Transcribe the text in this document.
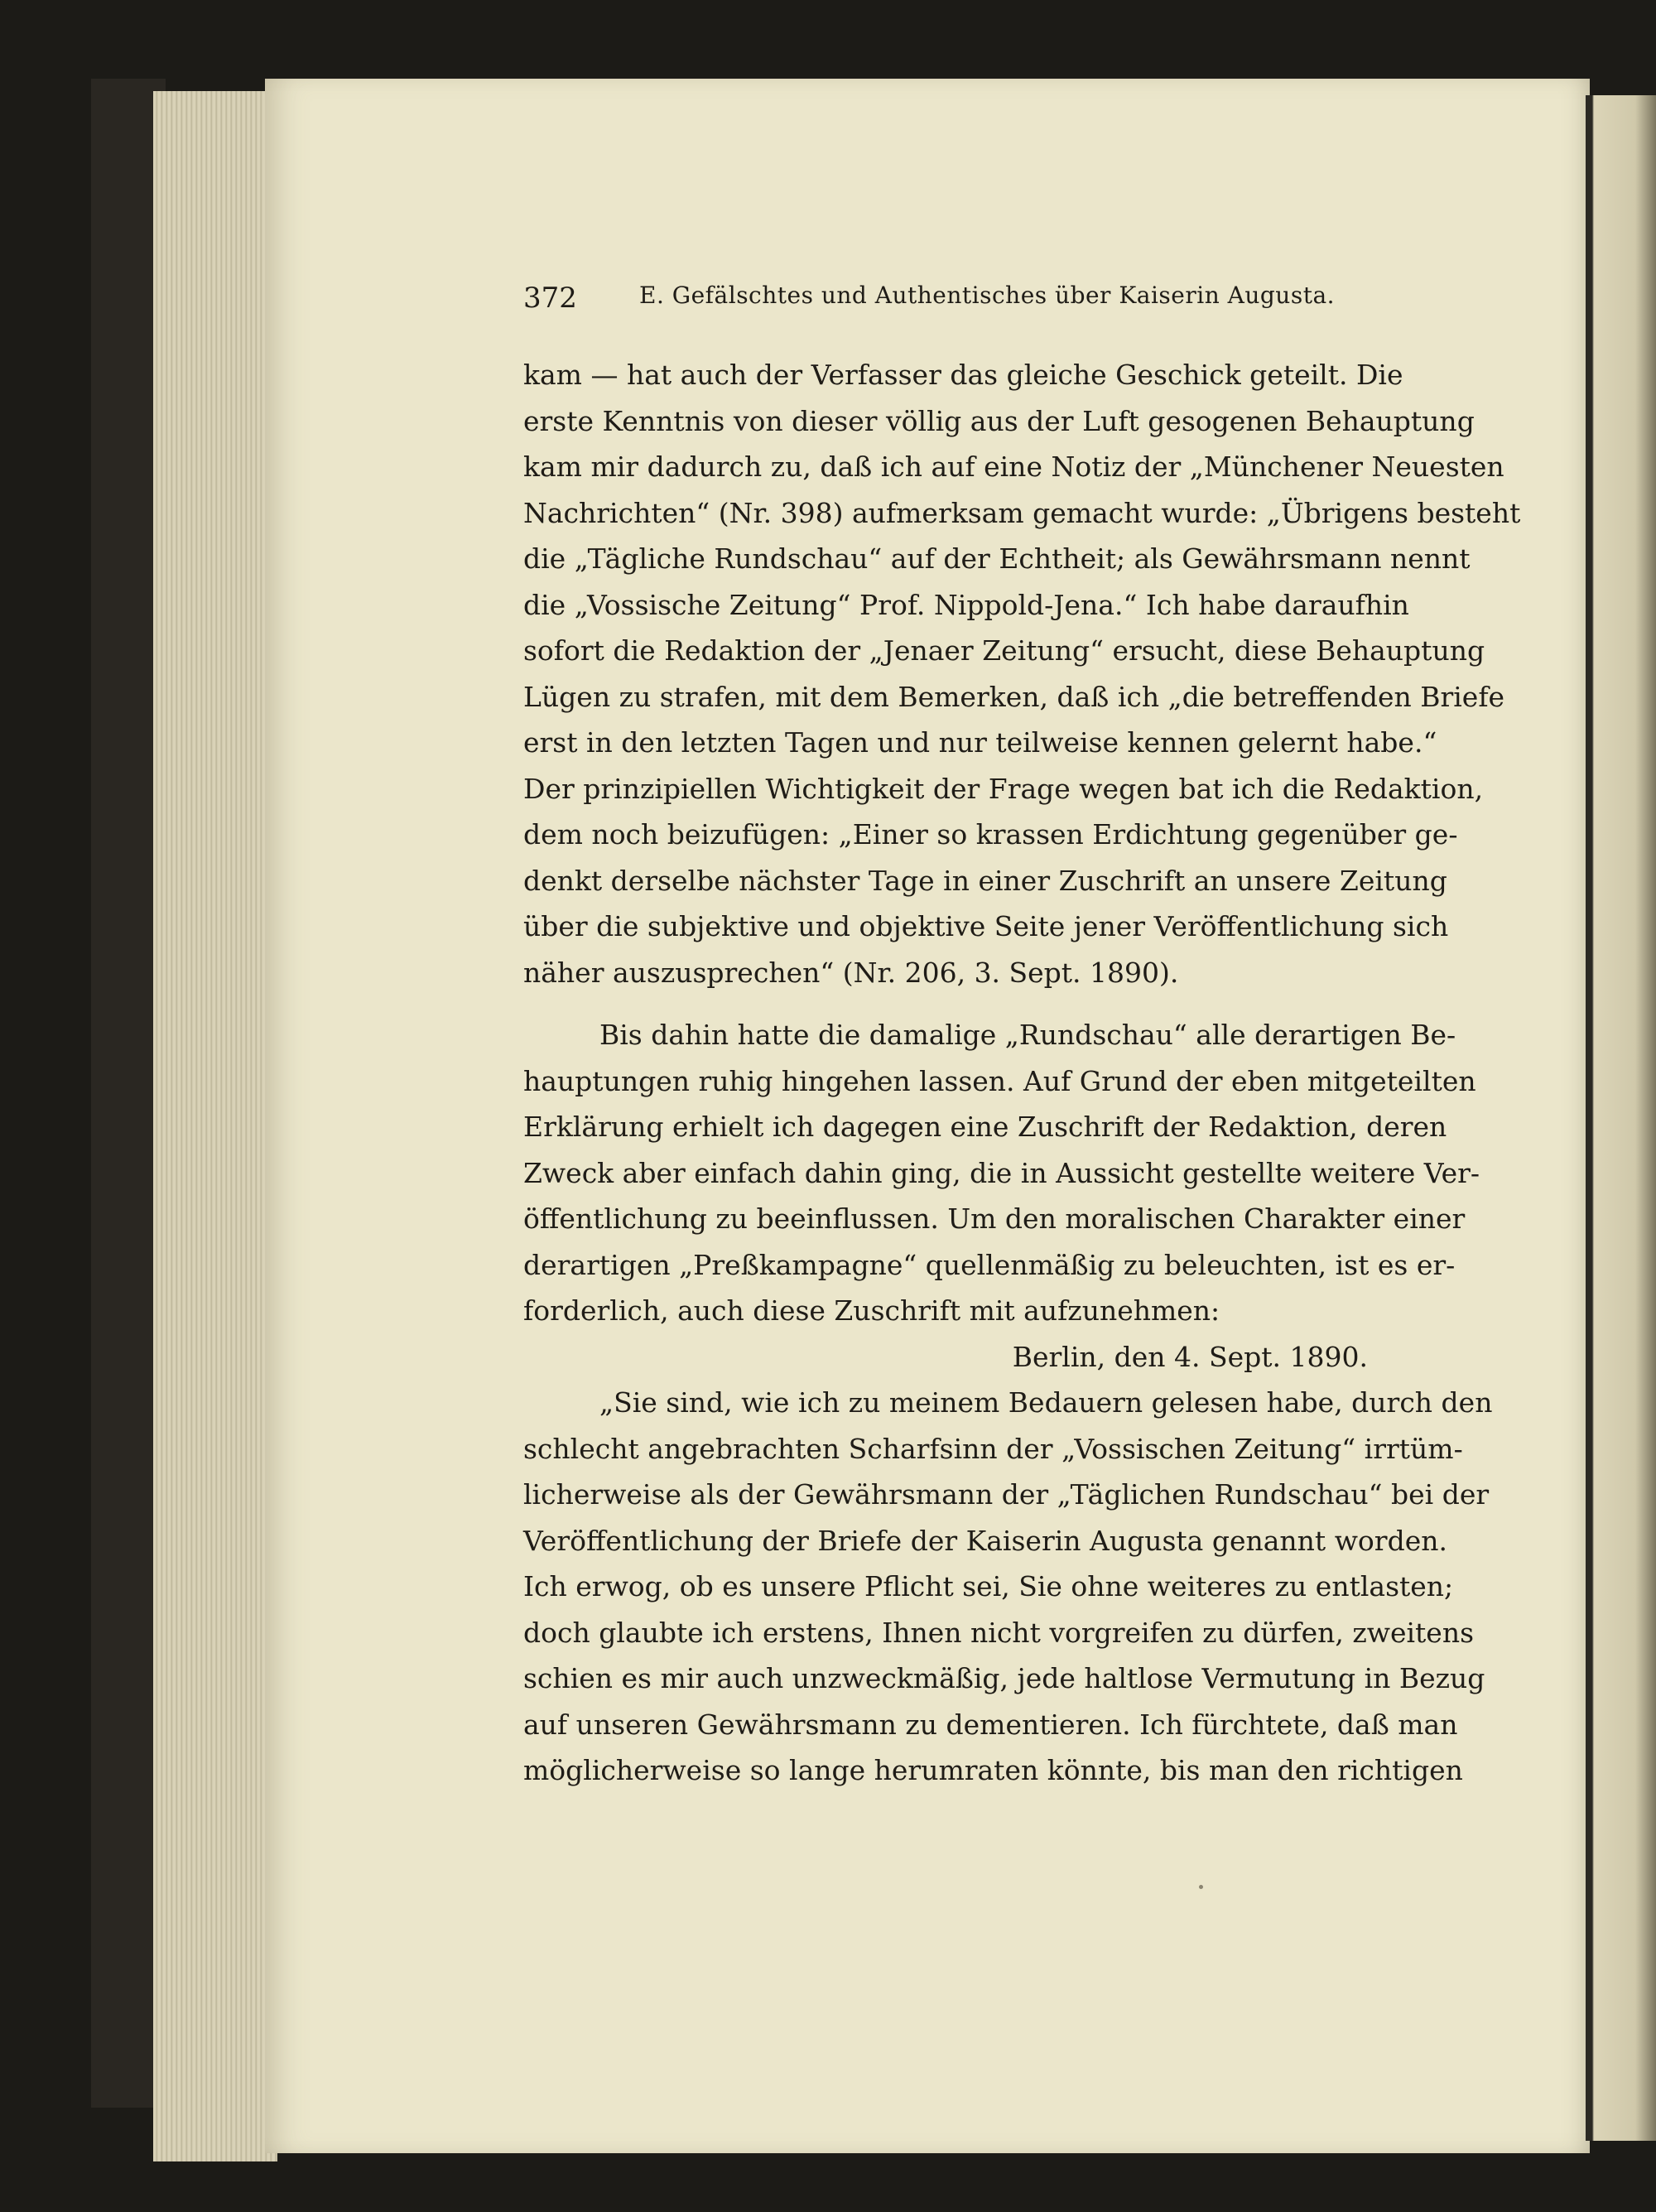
372	E. Gefälschtes und Authentisches über Kaiserin Augusta.
kam — hat auch der Verfasser das gleiche Geschick geteilt. Die
erste Kenntnis von dieser völlig aus der Luft gesogenen Behauptung
kam mir dadurch zu, daß ich auf eine Notiz der „Münchener Neuesten
Nachrichten“ (Nr. 398) aufmerksam gemacht wurde: „Übrigens besteht
die „Tägliche Rundschau“ auf der Echtheit; als Gewährsmann nennt
die „Vossische Zeitung“ Prof. Nippold-Jena.“ Ich habe daraufhin
sofort die Redaktion der „Jenaer Zeitung“ ersucht, diese Behauptung
Lügen zu strafen, mit dem Bemerken, daß ich „die betreffenden Briefe
erst in den letzten Tagen und nur teilweise kennen gelernt habe.“
Der prinzipiellen Wichtigkeit der Frage wegen bat ich die Redaktion,
dem noch beizufügen: „Einer so krassen Erdichtung gegenüber ge-
denkt derselbe nächster Tage in einer Zuschrift an unsere Zeitung
über die subjektive und objektive Seite jener Veröffentlichung sich
näher auszusprechen“ (Nr. 206, 3. Sept. 1890).
Bis dahin hatte die damalige „Rundschau“ alle derartigen Be-
hauptungen ruhig hingehen lassen. Auf Grund der eben mitgeteilten
Erklärung erhielt ich dagegen eine Zuschrift der Redaktion, deren
Zweck aber einfach dahin ging, die in Aussicht gestellte weitere Ver-
öffentlichung zu beeinflussen. Um den moralischen Charakter einer
derartigen „Preßkampagne“ quellenmäßig zu beleuchten, ist es er-
forderlich, auch diese Zuschrift mit aufzunehmen:
Berlin, den 4. Sept. 1890.
„Sie sind, wie ich zu meinem Bedauern gelesen habe, durch den
schlecht angebrachten Scharfsinn der „Vossischen Zeitung“ irrtüm-
licherweise als der Gewährsmann der „Täglichen Rundschau“ bei der
Veröffentlichung der Briefe der Kaiserin Augusta genannt worden.
Ich erwog, ob es unsere Pflicht sei, Sie ohne weiteres zu entlasten;
doch glaubte ich erstens, Ihnen nicht vorgreifen zu dürfen, zweitens
schien es mir auch unzweckmäßig, jede haltlose Vermutung in Bezug
auf unseren Gewährsmann zu dementieren. Ich fürchtete, daß man
möglicherweise so lange herumraten könnte, bis man den richtigen
